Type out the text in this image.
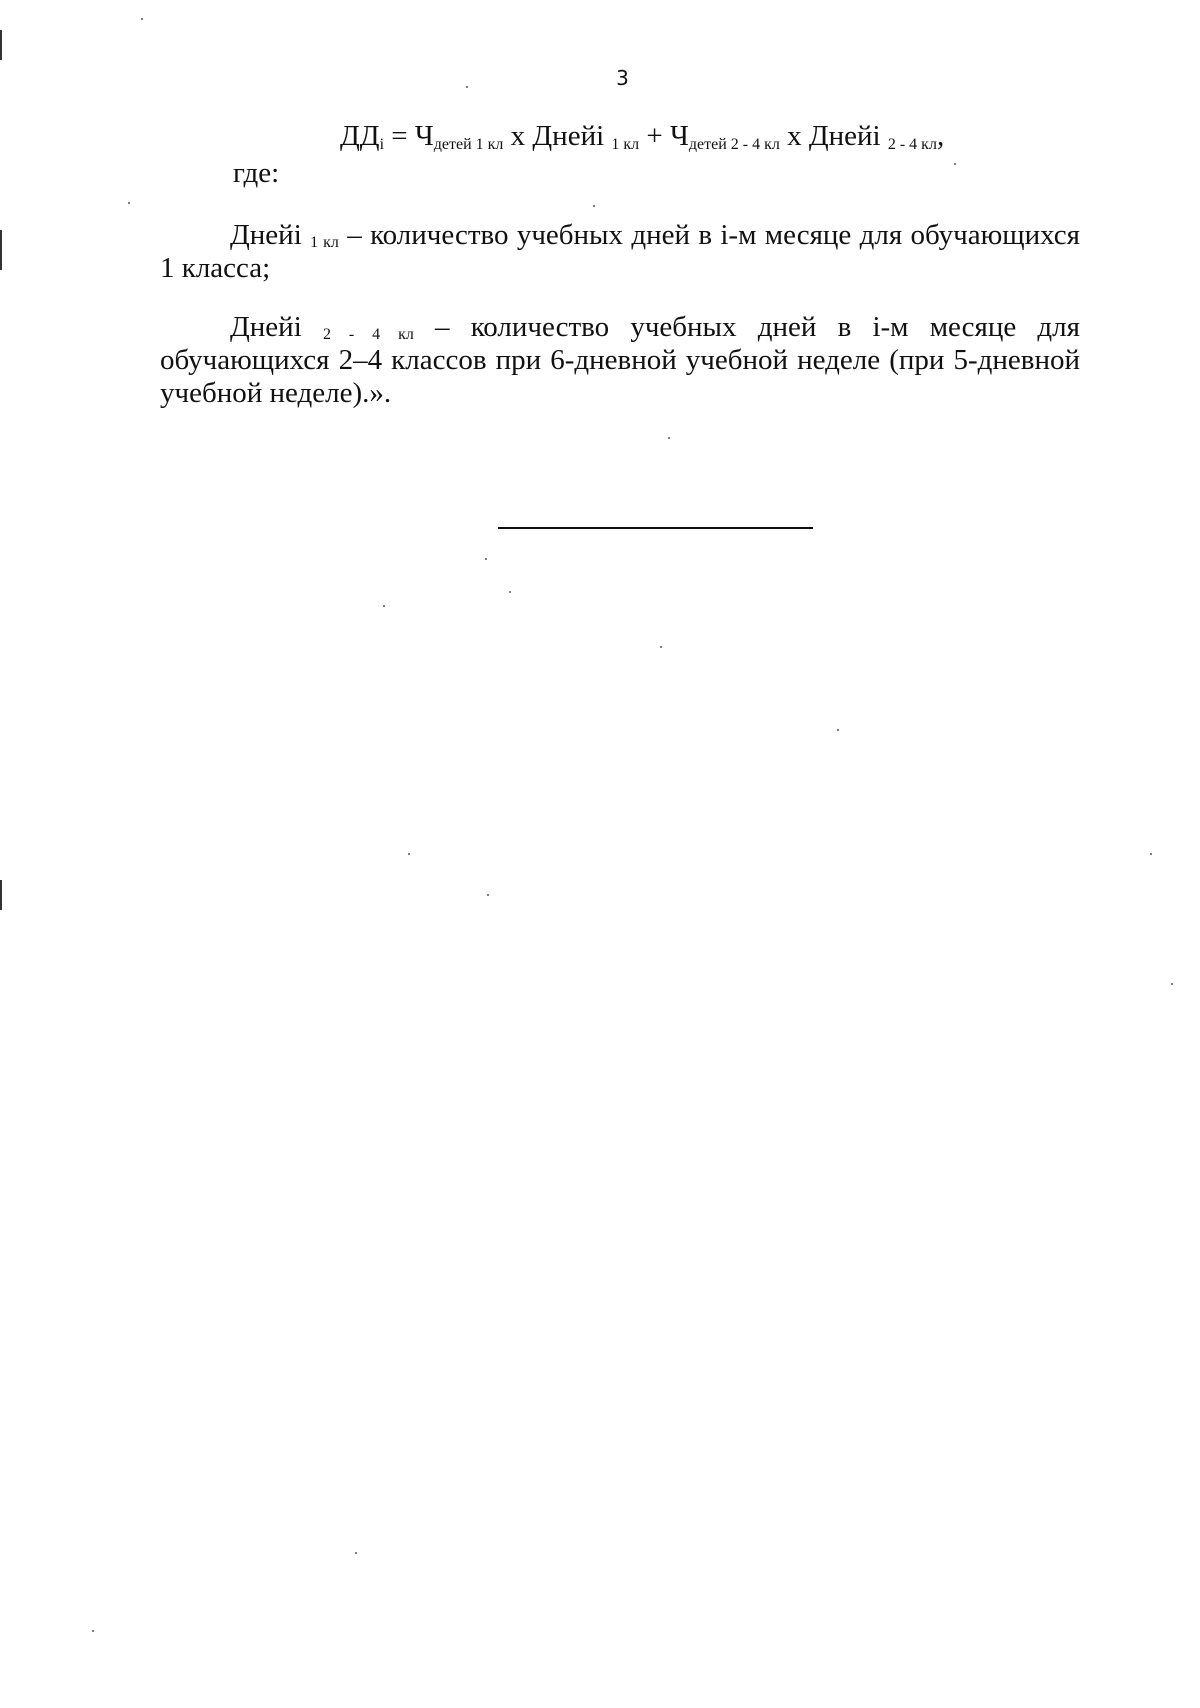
3
$ДД_i = Ч_{детей 1 кл}$ х Днейi $_{1 кл} + Ч_{детей 2 - 4 кл}$ х Днейi $_{2 - 4 кл}$,
где:

Днейi $_{1 кл}$ – количество учебных дней в i-м месяце для обучающихся 1 класса;

Днейi $_{2 - 4 кл}$ – количество учебных дней в i-м месяце для обучающихся 2–4 классов при 6-дневной учебной неделе (при 5-дневной учебной неделе).».
